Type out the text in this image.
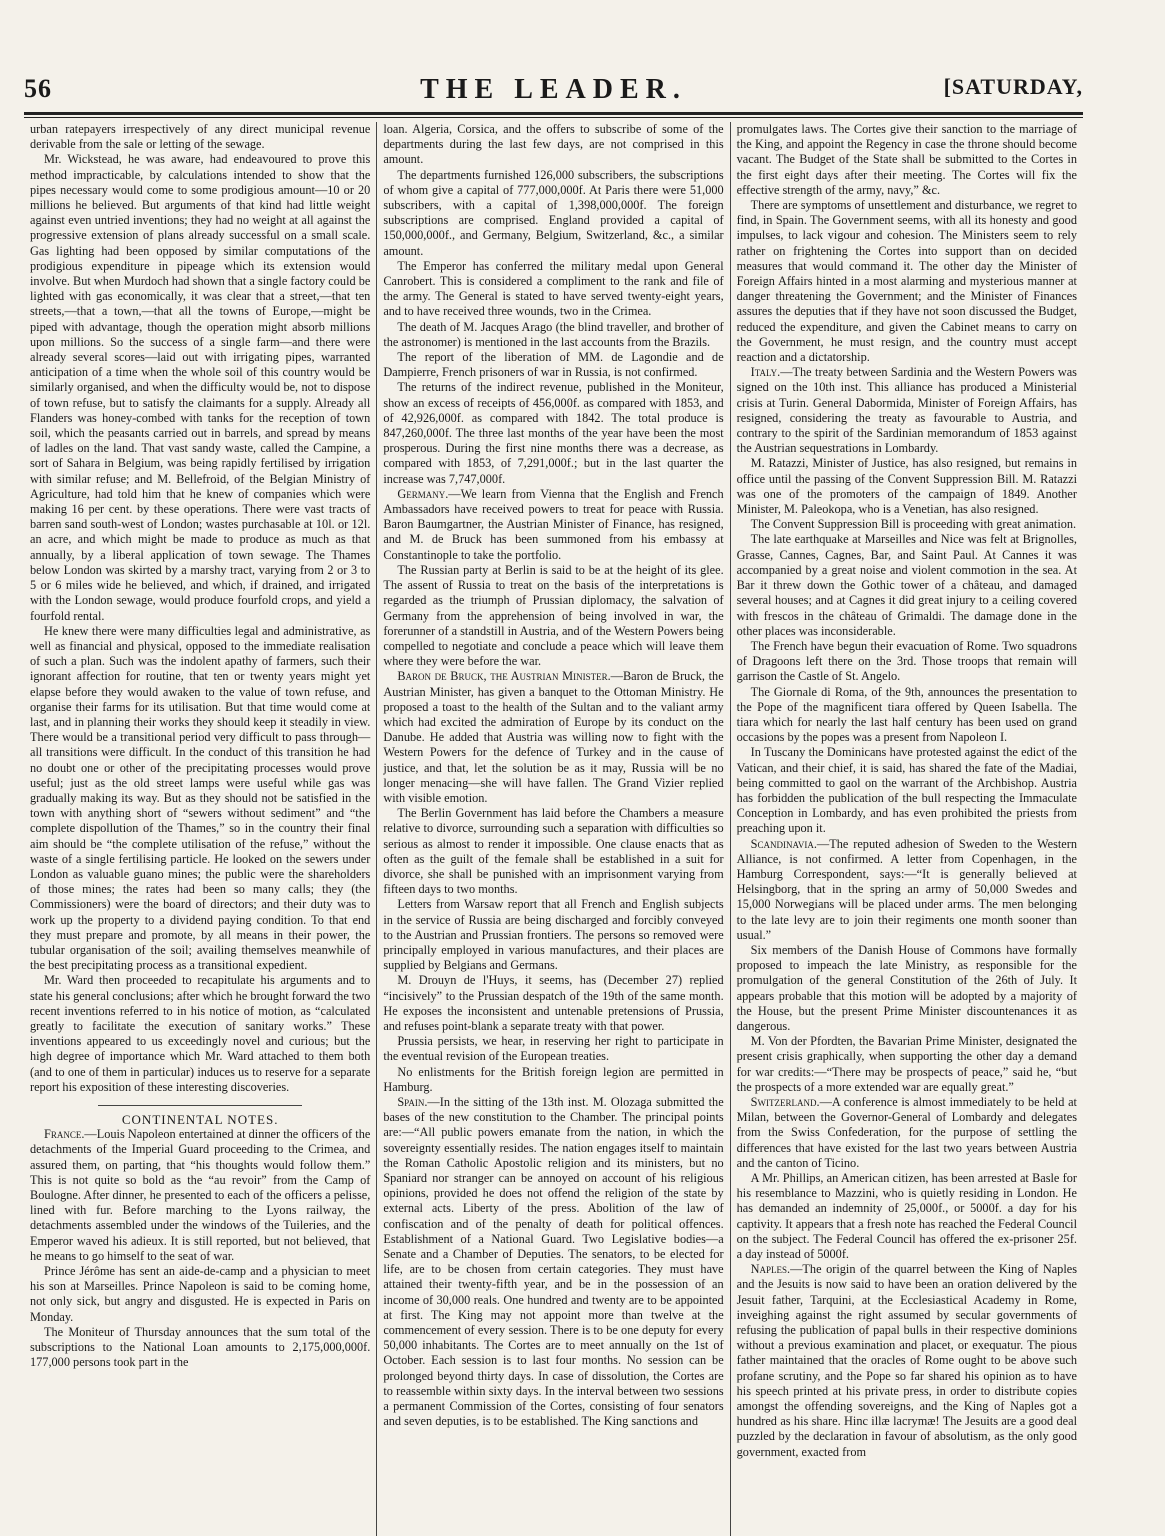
56	THE LEADER.	[SATURDAY,

urban ratepayers irrespectively of any direct municipal revenue derivable from the sale or letting of the sewage.

Mr. Wickstead, he was aware, had endeavoured to prove this method impracticable, by calculations intended to show that the pipes necessary would come to some prodigious amount—10 or 20 millions he believed. But arguments of that kind had little weight against even untried inventions; they had no weight at all against the progressive extension of plans already successful on a small scale. Gas lighting had been opposed by similar computations of the prodigious expenditure in pipeage which its extension would involve. But when Murdoch had shown that a single factory could be lighted with gas economically, it was clear that a street,—that ten streets,—that a town,—that all the towns of Europe,—might be piped with advantage, though the operation might absorb millions upon millions. So the success of a single farm—and there were already several scores—laid out with irrigating pipes, warranted anticipation of a time when the whole soil of this country would be similarly organised, and when the difficulty would be, not to dispose of town refuse, but to satisfy the claimants for a supply. Already all Flanders was honey-combed with tanks for the reception of town soil, which the peasants carried out in barrels, and spread by means of ladles on the land. That vast sandy waste, called the Campine, a sort of Sahara in Belgium, was being rapidly fertilised by irrigation with similar refuse; and M. Bellefroid, of the Belgian Ministry of Agriculture, had told him that he knew of companies which were making 16 per cent. by these operations. There were vast tracts of barren sand south-west of London; wastes purchasable at 10l. or 12l. an acre, and which might be made to produce as much as that annually, by a liberal application of town sewage. The Thames below London was skirted by a marshy tract, varying from 2 or 3 to 5 or 6 miles wide he believed, and which, if drained, and irrigated with the London sewage, would produce fourfold crops, and yield a fourfold rental.

He knew there were many difficulties legal and administrative, as well as financial and physical, opposed to the immediate realisation of such a plan. Such was the indolent apathy of farmers, such their ignorant affection for routine, that ten or twenty years might yet elapse before they would awaken to the value of town refuse, and organise their farms for its utilisation. But that time would come at last, and in planning their works they should keep it steadily in view. There would be a transitional period very difficult to pass through—all transitions were difficult. In the conduct of this transition he had no doubt one or other of the precipitating processes would prove useful; just as the old street lamps were useful while gas was gradually making its way. But as they should not be satisfied in the town with anything short of “sewers without sediment” and “the complete dispollution of the Thames,” so in the country their final aim should be “the complete utilisation of the refuse,” without the waste of a single fertilising particle. He looked on the sewers under London as valuable guano mines; the public were the shareholders of those mines; the rates had been so many calls; they (the Commissioners) were the board of directors; and their duty was to work up the property to a dividend paying condition. To that end they must prepare and promote, by all means in their power, the tubular organisation of the soil; availing themselves meanwhile of the best precipitating process as a transitional expedient.

Mr. Ward then proceeded to recapitulate his arguments and to state his general conclusions; after which he brought forward the two recent inventions referred to in his notice of motion, as “calculated greatly to facilitate the execution of sanitary works.” These inventions appeared to us exceedingly novel and curious; but the high degree of importance which Mr. Ward attached to them both (and to one of them in particular) induces us to reserve for a separate report his exposition of these interesting discoveries.

CONTINENTAL NOTES.

France.—Louis Napoleon entertained at dinner the officers of the detachments of the Imperial Guard proceeding to the Crimea, and assured them, on parting, that “his thoughts would follow them.” This is not quite so bold as the “au revoir” from the Camp of Boulogne. After dinner, he presented to each of the officers a pelisse, lined with fur. Before marching to the Lyons railway, the detachments assembled under the windows of the Tuileries, and the Emperor waved his adieux. It is still reported, but not believed, that he means to go himself to the seat of war.

Prince Jérôme has sent an aide-de-camp and a physician to meet his son at Marseilles. Prince Napoleon is said to be coming home, not only sick, but angry and disgusted. He is expected in Paris on Monday.

The Moniteur of Thursday announces that the sum total of the subscriptions to the National Loan amounts to 2,175,000,000f. 177,000 persons took part in the

loan. Algeria, Corsica, and the offers to subscribe of some of the departments during the last few days, are not comprised in this amount.

The departments furnished 126,000 subscribers, the subscriptions of whom give a capital of 777,000,000f. At Paris there were 51,000 subscribers, with a capital of 1,398,000,000f. The foreign subscriptions are comprised. England provided a capital of 150,000,000f., and Germany, Belgium, Switzerland, &c., a similar amount.

The Emperor has conferred the military medal upon General Canrobert. This is considered a compliment to the rank and file of the army. The General is stated to have served twenty-eight years, and to have received three wounds, two in the Crimea.

The death of M. Jacques Arago (the blind traveller, and brother of the astronomer) is mentioned in the last accounts from the Brazils.

The report of the liberation of MM. de Lagondie and de Dampierre, French prisoners of war in Russia, is not confirmed.

The returns of the indirect revenue, published in the Moniteur, show an excess of receipts of 456,000f. as compared with 1853, and of 42,926,000f. as compared with 1842. The total produce is 847,260,000f. The three last months of the year have been the most prosperous. During the first nine months there was a decrease, as compared with 1853, of 7,291,000f.; but in the last quarter the increase was 7,747,000f.

Germany.—We learn from Vienna that the English and French Ambassadors have received powers to treat for peace with Russia. Baron Baumgartner, the Austrian Minister of Finance, has resigned, and M. de Bruck has been summoned from his embassy at Constantinople to take the portfolio.

The Russian party at Berlin is said to be at the height of its glee. The assent of Russia to treat on the basis of the interpretations is regarded as the triumph of Prussian diplomacy, the salvation of Germany from the apprehension of being involved in war, the forerunner of a standstill in Austria, and of the Western Powers being compelled to negotiate and conclude a peace which will leave them where they were before the war.

Baron de Bruck, the Austrian Minister.—Baron de Bruck, the Austrian Minister, has given a banquet to the Ottoman Ministry. He proposed a toast to the health of the Sultan and to the valiant army which had excited the admiration of Europe by its conduct on the Danube. He added that Austria was willing now to fight with the Western Powers for the defence of Turkey and in the cause of justice, and that, let the solution be as it may, Russia will be no longer menacing—she will have fallen. The Grand Vizier replied with visible emotion.

The Berlin Government has laid before the Chambers a measure relative to divorce, surrounding such a separation with difficulties so serious as almost to render it impossible. One clause enacts that as often as the guilt of the female shall be established in a suit for divorce, she shall be punished with an imprisonment varying from fifteen days to two months.

Letters from Warsaw report that all French and English subjects in the service of Russia are being discharged and forcibly conveyed to the Austrian and Prussian frontiers. The persons so removed were principally employed in various manufactures, and their places are supplied by Belgians and Germans.

M. Drouyn de l'Huys, it seems, has (December 27) replied “incisively” to the Prussian despatch of the 19th of the same month. He exposes the inconsistent and untenable pretensions of Prussia, and refuses point-blank a separate treaty with that power.

Prussia persists, we hear, in reserving her right to participate in the eventual revision of the European treaties.

No enlistments for the British foreign legion are permitted in Hamburg.

Spain.—In the sitting of the 13th inst. M. Olozaga submitted the bases of the new constitution to the Chamber. The principal points are:—“All public powers emanate from the nation, in which the sovereignty essentially resides. The nation engages itself to maintain the Roman Catholic Apostolic religion and its ministers, but no Spaniard nor stranger can be annoyed on account of his religious opinions, provided he does not offend the religion of the state by external acts. Liberty of the press. Abolition of the law of confiscation and of the penalty of death for political offences. Establishment of a National Guard. Two Legislative bodies—a Senate and a Chamber of Deputies. The senators, to be elected for life, are to be chosen from certain categories. They must have attained their twenty-fifth year, and be in the possession of an income of 30,000 reals. One hundred and twenty are to be appointed at first. The King may not appoint more than twelve at the commencement of every session. There is to be one deputy for every 50,000 inhabitants. The Cortes are to meet annually on the 1st of October. Each session is to last four months. No session can be prolonged beyond thirty days. In case of dissolution, the Cortes are to reassemble within sixty days. In the interval between two sessions a permanent Commission of the Cortes, consisting of four senators and seven deputies, is to be established. The King sanctions and

promulgates laws. The Cortes give their sanction to the marriage of the King, and appoint the Regency in case the throne should become vacant. The Budget of the State shall be submitted to the Cortes in the first eight days after their meeting. The Cortes will fix the effective strength of the army, navy,” &c.

There are symptoms of unsettlement and disturbance, we regret to find, in Spain. The Government seems, with all its honesty and good impulses, to lack vigour and cohesion. The Ministers seem to rely rather on frightening the Cortes into support than on decided measures that would command it. The other day the Minister of Foreign Affairs hinted in a most alarming and mysterious manner at danger threatening the Government; and the Minister of Finances assures the deputies that if they have not soon discussed the Budget, reduced the expenditure, and given the Cabinet means to carry on the Government, he must resign, and the country must accept reaction and a dictatorship.

Italy.—The treaty between Sardinia and the Western Powers was signed on the 10th inst. This alliance has produced a Ministerial crisis at Turin. General Dabormida, Minister of Foreign Affairs, has resigned, considering the treaty as favourable to Austria, and contrary to the spirit of the Sardinian memorandum of 1853 against the Austrian sequestrations in Lombardy.

M. Ratazzi, Minister of Justice, has also resigned, but remains in office until the passing of the Convent Suppression Bill. M. Ratazzi was one of the promoters of the campaign of 1849. Another Minister, M. Paleokopa, who is a Venetian, has also resigned.

The Convent Suppression Bill is proceeding with great animation.

The late earthquake at Marseilles and Nice was felt at Brignolles, Grasse, Cannes, Cagnes, Bar, and Saint Paul. At Cannes it was accompanied by a great noise and violent commotion in the sea. At Bar it threw down the Gothic tower of a château, and damaged several houses; and at Cagnes it did great injury to a ceiling covered with frescos in the château of Grimaldi. The damage done in the other places was inconsiderable.

The French have begun their evacuation of Rome. Two squadrons of Dragoons left there on the 3rd. Those troops that remain will garrison the Castle of St. Angelo.

The Giornale di Roma, of the 9th, announces the presentation to the Pope of the magnificent tiara offered by Queen Isabella. The tiara which for nearly the last half century has been used on grand occasions by the popes was a present from Napoleon I.

In Tuscany the Dominicans have protested against the edict of the Vatican, and their chief, it is said, has shared the fate of the Madiai, being committed to gaol on the warrant of the Archbishop. Austria has forbidden the publication of the bull respecting the Immaculate Conception in Lombardy, and has even prohibited the priests from preaching upon it.

Scandinavia.—The reputed adhesion of Sweden to the Western Alliance, is not confirmed. A letter from Copenhagen, in the Hamburg Correspondent, says:—“It is generally believed at Helsingborg, that in the spring an army of 50,000 Swedes and 15,000 Norwegians will be placed under arms. The men belonging to the late levy are to join their regiments one month sooner than usual.”

Six members of the Danish House of Commons have formally proposed to impeach the late Ministry, as responsible for the promulgation of the general Constitution of the 26th of July. It appears probable that this motion will be adopted by a majority of the House, but the present Prime Minister discountenances it as dangerous.

M. Von der Pfordten, the Bavarian Prime Minister, designated the present crisis graphically, when supporting the other day a demand for war credits:—“There may be prospects of peace,” said he, “but the prospects of a more extended war are equally great.”

Switzerland.—A conference is almost immediately to be held at Milan, between the Governor-General of Lombardy and delegates from the Swiss Confederation, for the purpose of settling the differences that have existed for the last two years between Austria and the canton of Ticino.

A Mr. Phillips, an American citizen, has been arrested at Basle for his resemblance to Mazzini, who is quietly residing in London. He has demanded an indemnity of 25,000f., or 5000f. a day for his captivity. It appears that a fresh note has reached the Federal Council on the subject. The Federal Council has offered the ex-prisoner 25f. a day instead of 5000f.

Naples.—The origin of the quarrel between the King of Naples and the Jesuits is now said to have been an oration delivered by the Jesuit father, Tarquini, at the Ecclesiastical Academy in Rome, inveighing against the right assumed by secular governments of refusing the publication of papal bulls in their respective dominions without a previous examination and placet, or exequatur. The pious father maintained that the oracles of Rome ought to be above such profane scrutiny, and the Pope so far shared his opinion as to have his speech printed at his private press, in order to distribute copies amongst the offending sovereigns, and the King of Naples got a hundred as his share. Hinc illæ lacrymæ! The Jesuits are a good deal puzzled by the declaration in favour of absolutism, as the only good government, exacted from
